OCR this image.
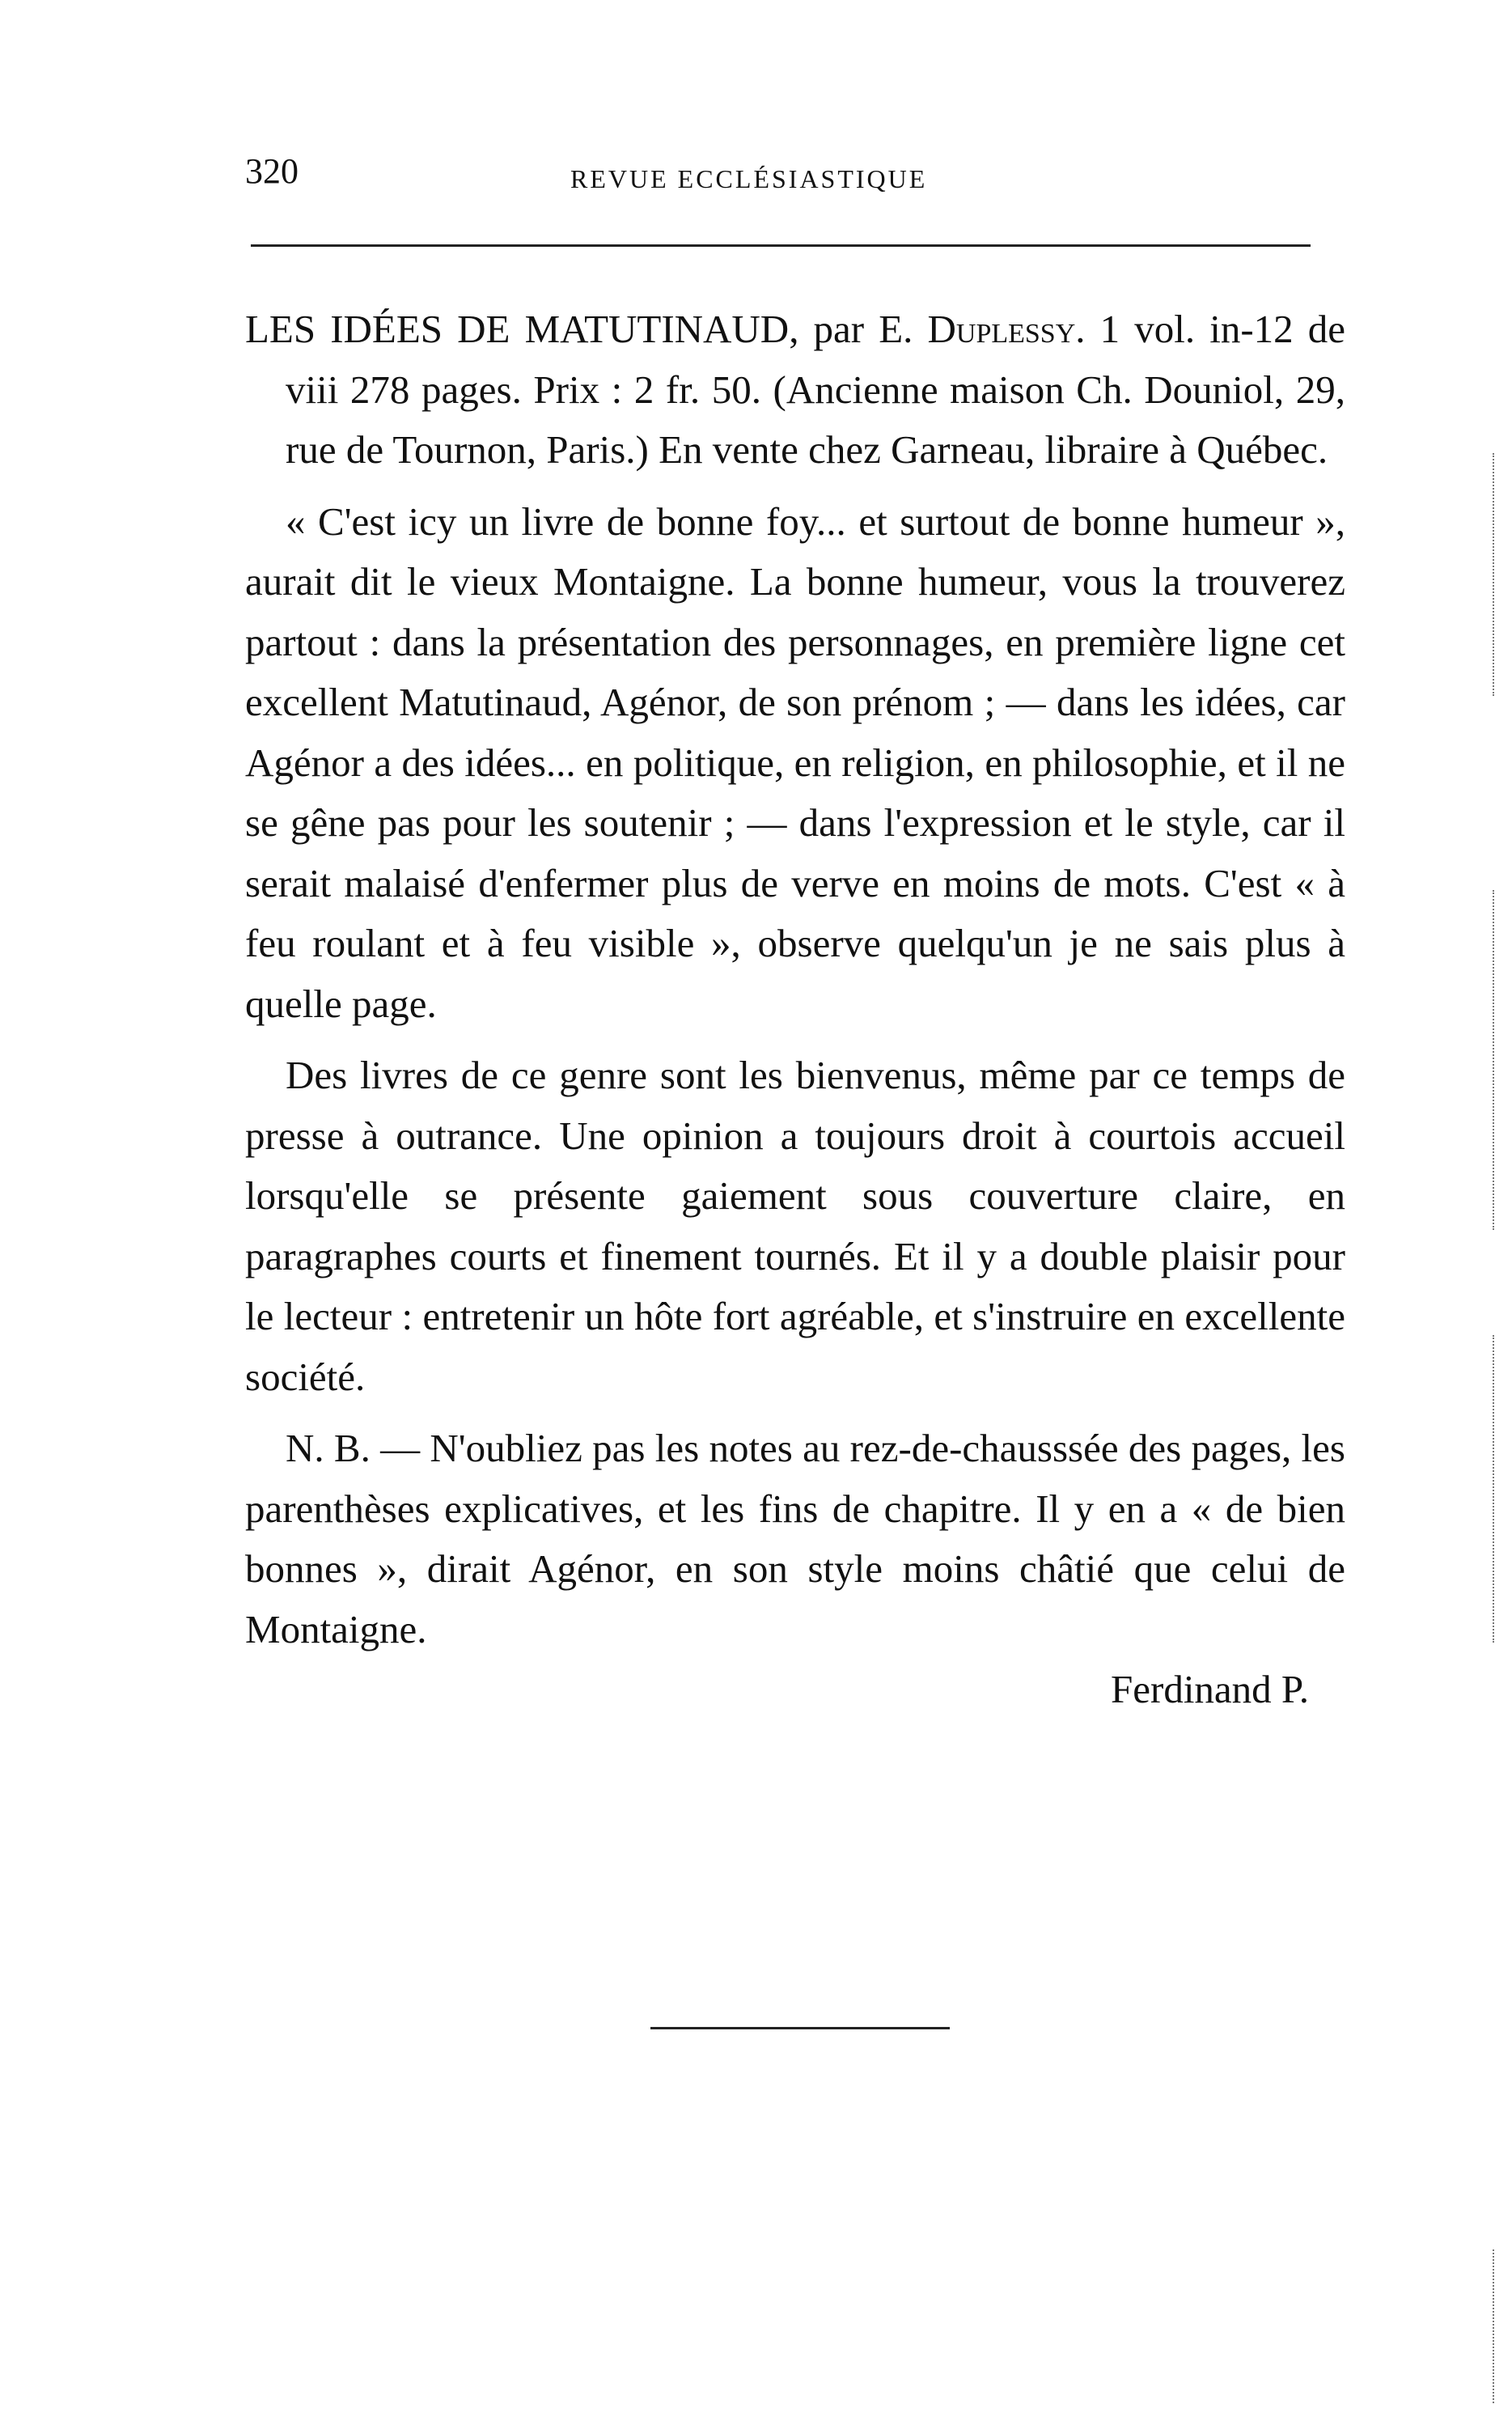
320	REVUE ECCLÉSIASTIQUE

LES IDÉES DE MATUTINAUD, par E. Duplessy. 1 vol. in-12 de viii 278 pages. Prix : 2 fr. 50. (Ancienne maison Ch. Douniol, 29, rue de Tournon, Paris.) En vente chez Garneau, libraire à Québec.

« C'est icy un livre de bonne foy... et surtout de bonne humeur », aurait dit le vieux Montaigne. La bonne humeur, vous la trouverez partout : dans la présentation des personnages, en première ligne cet excellent Matutinaud, Agénor, de son prénom ; — dans les idées, car Agénor a des idées... en politique, en religion, en philosophie, et il ne se gêne pas pour les soutenir ; — dans l'expression et le style, car il serait malaisé d'enfermer plus de verve en moins de mots. C'est « à feu roulant et à feu visible », observe quelqu'un je ne sais plus à quelle page.

Des livres de ce genre sont les bienvenus, même par ce temps de presse à outrance. Une opinion a toujours droit à courtois accueil lorsqu'elle se présente gaiement sous couverture claire, en paragraphes courts et finement tournés. Et il y a double plaisir pour le lecteur : entretenir un hôte fort agréable, et s'instruire en excellente société.

N. B. — N'oubliez pas les notes au rez-de-chausssée des pages, les parenthèses explicatives, et les fins de chapitre. Il y en a « de bien bonnes », dirait Agénor, en son style moins châtié que celui de Montaigne.

Ferdinand P.
